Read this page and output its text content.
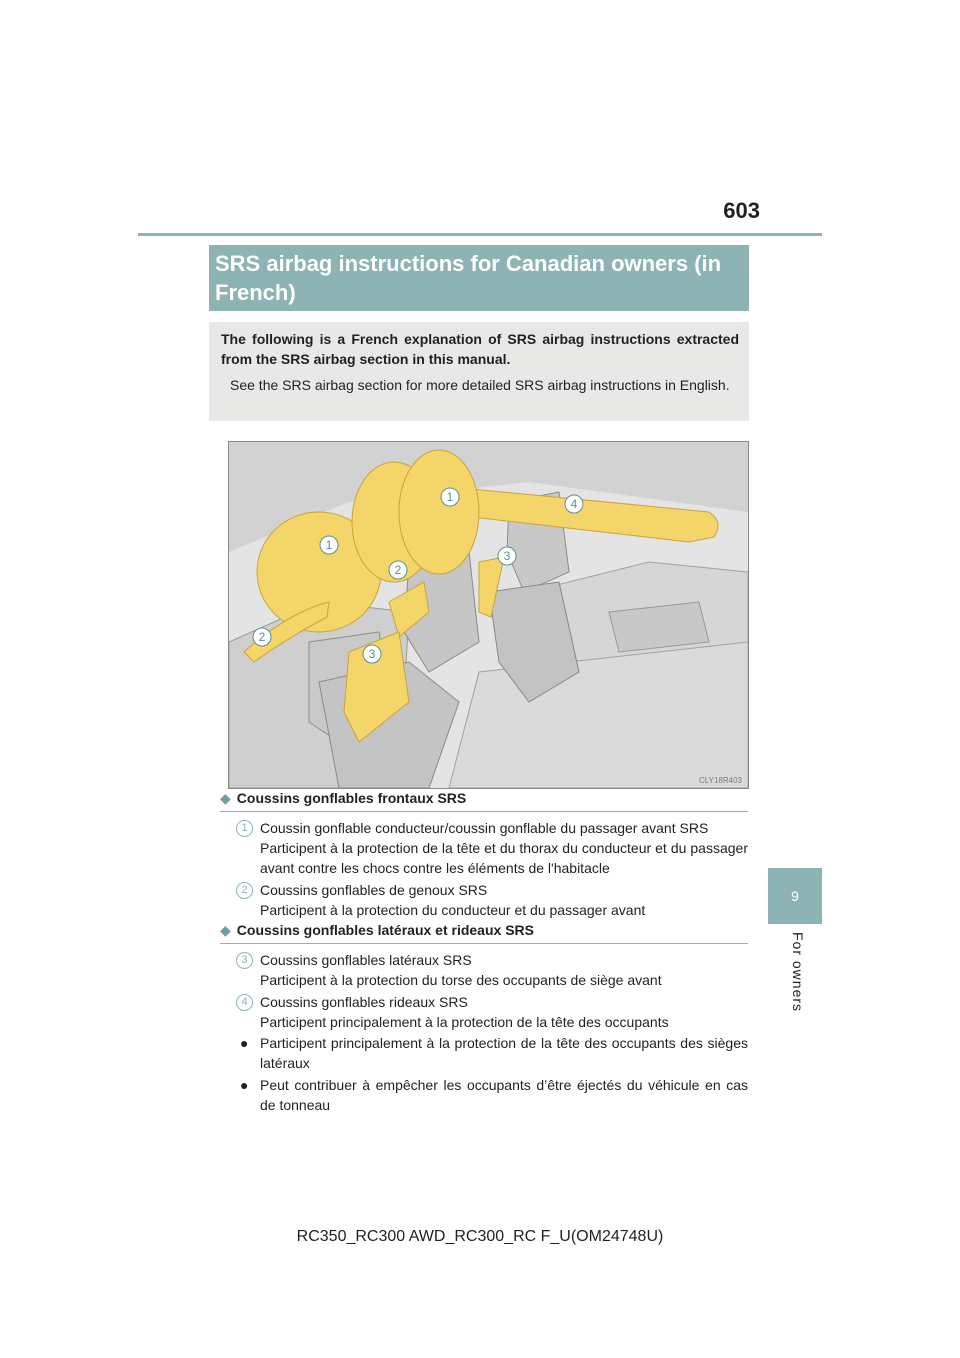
603
9
For owners
SRS airbag instructions for Canadian owners (in French)

The following is a French explanation of SRS airbag instructions extracted from the SRS airbag section in this manual.

See the SRS airbag section for more detailed SRS airbag instructions in English.

1
1
2
2
3
3
4
CLY18R403
◆ Coussins gonflables frontaux SRS
1 Coussin gonflable conducteur/coussin gonflable du passager avant SRS
Participent à la protection de la tête et du thorax du conducteur et du passager avant contre les chocs contre les éléments de l'habitacle
2 Coussins gonflables de genoux SRS
Participent à la protection du conducteur et du passager avant
◆ Coussins gonflables latéraux et rideaux SRS
3 Coussins gonflables latéraux SRS
Participent à la protection du torse des occupants de siège avant
4 Coussins gonflables rideaux SRS
Participent principalement à la protection de la tête des occupants
● Participent principalement à la protection de la tête des occupants des sièges latéraux
● Peut contribuer à empêcher les occupants d’être éjectés du véhicule en cas de tonneau
RC350_RC300 AWD_RC300_RC F_U(OM24748U)
